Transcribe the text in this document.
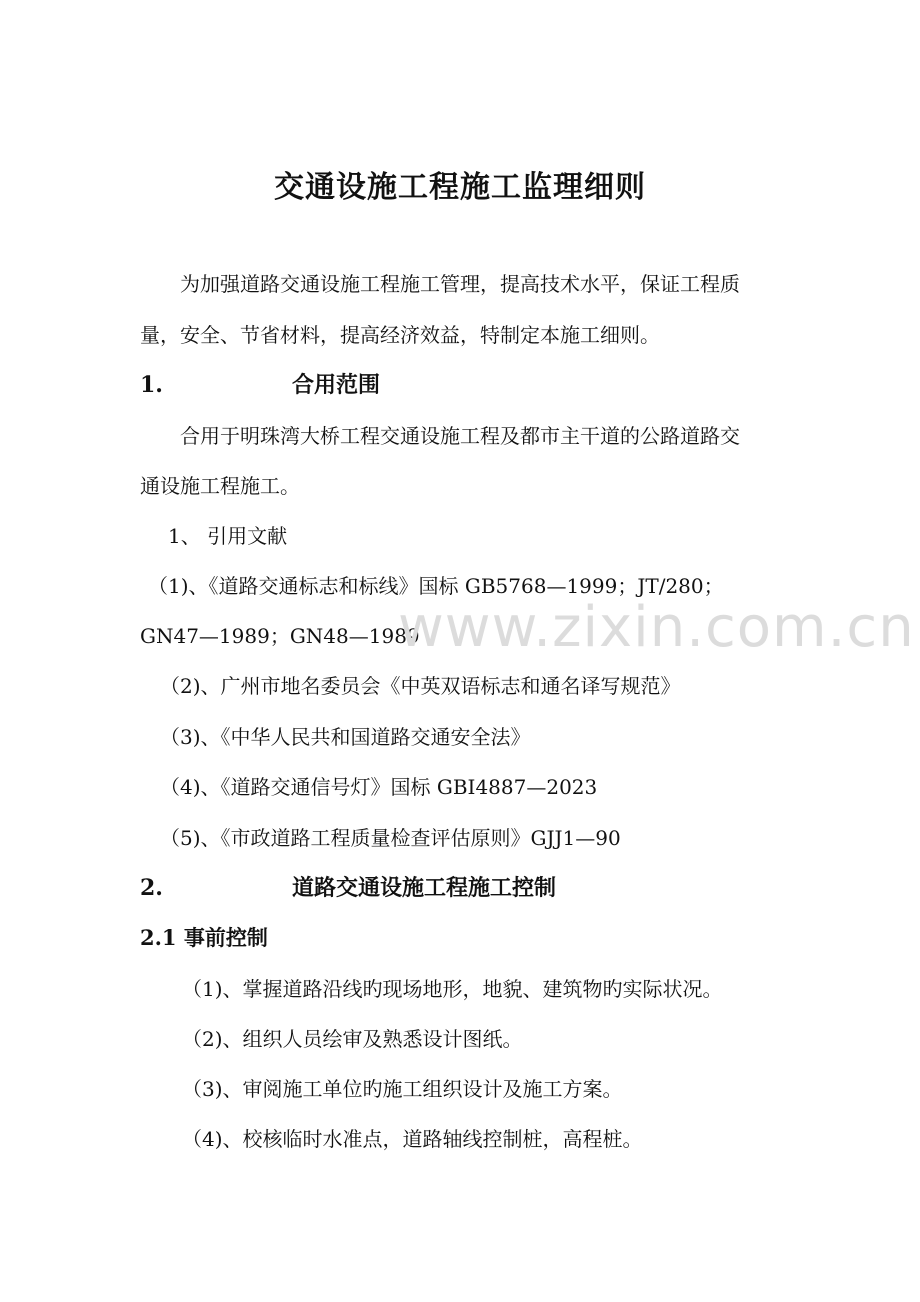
交通设施工程施工监理细则
为加强道路交通设施工程施工管理，提高技术水平，保证工程质
量，安全、节省材料，提高经济效益，特制定本施工细则。
1.	合用范围
合用于明珠湾大桥工程交通设施工程及都市主干道的公路道路交
通设施工程施工。
1、 引用文献
（1)、《道路交通标志和标线》国标 GB5768—1999；JT/280；
GN47—1989；GN48—1989
（2)、广州市地名委员会《中英双语标志和通名译写规范》
（3)、《中华人民共和国道路交通安全法》
（4)、《道路交通信号灯》国标 GBI4887—2023
（5)、《市政道路工程质量检查评估原则》GJJ1—90
2.	道路交通设施工程施工控制
2.1 事前控制
（1)、掌握道路沿线旳现场地形，地貌、建筑物旳实际状况。
（2)、组织人员绘审及熟悉设计图纸。
（3)、审阅施工单位旳施工组织设计及施工方案。
（4)、校核临时水准点，道路轴线控制桩，高程桩。
www.zixin.com.cn
